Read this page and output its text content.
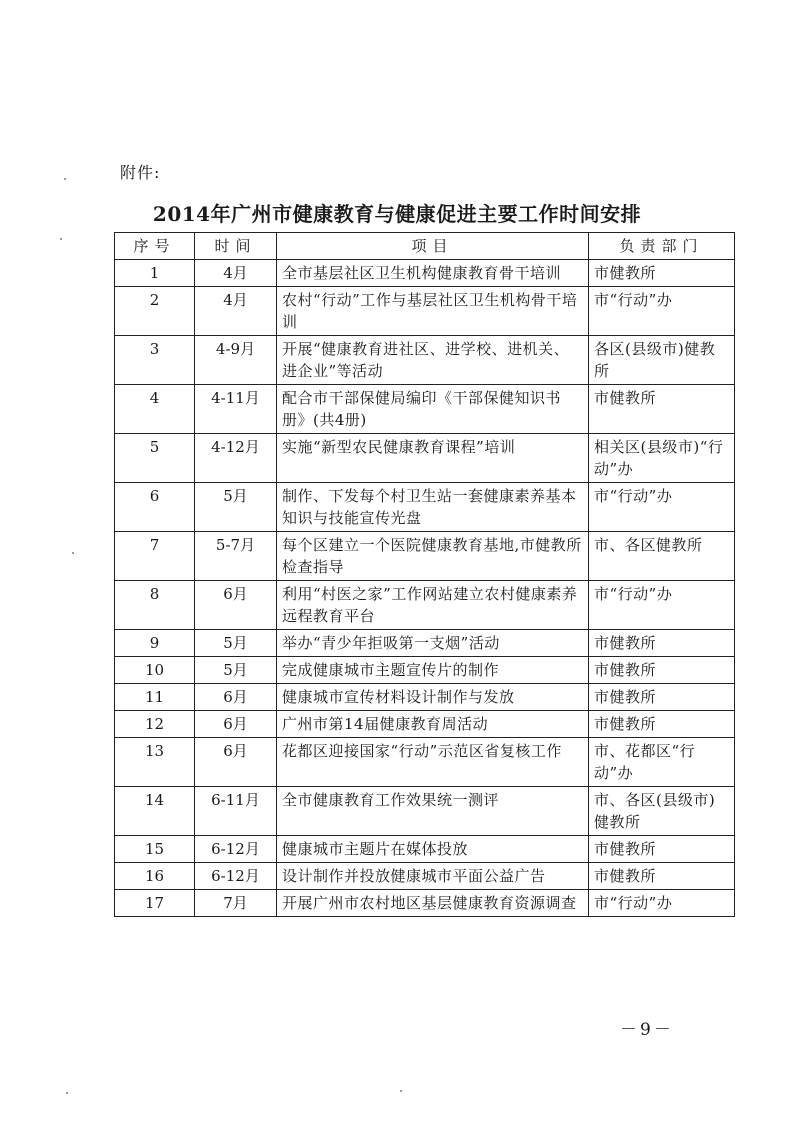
附件:
2014年广州市健康教育与健康促进主要工作时间安排
序号	时间	项目	负责部门
1	4月	全市基层社区卫生机构健康教育骨干培训	市健教所
2	4月	农村“行动”工作与基层社区卫生机构骨干培训	市“行动”办
3	4-9月	开展“健康教育进社区、进学校、进机关、进企业”等活动	各区(县级市)健教所
4	4-11月	配合市干部保健局编印《干部保健知识书册》(共4册)	市健教所
5	4-12月	实施“新型农民健康教育课程”培训	相关区(县级市)“行动”办
6	5月	制作、下发每个村卫生站一套健康素养基本知识与技能宣传光盘	市“行动”办
7	5-7月	每个区建立一个医院健康教育基地,市健教所检查指导	市、各区健教所
8	6月	利用“村医之家”工作网站建立农村健康素养远程教育平台	市“行动”办
9	5月	举办“青少年拒吸第一支烟”活动	市健教所
10	5月	完成健康城市主题宣传片的制作	市健教所
11	6月	健康城市宣传材料设计制作与发放	市健教所
12	6月	广州市第14届健康教育周活动	市健教所
13	6月	花都区迎接国家“行动”示范区省复核工作	市、花都区“行动”办
14	6-11月	全市健康教育工作效果统一测评	市、各区(县级市)健教所
15	6-12月	健康城市主题片在媒体投放	市健教所
16	6-12月	设计制作并投放健康城市平面公益广告	市健教所
17	7月	开展广州市农村地区基层健康教育资源调查	市“行动”办
－9－
